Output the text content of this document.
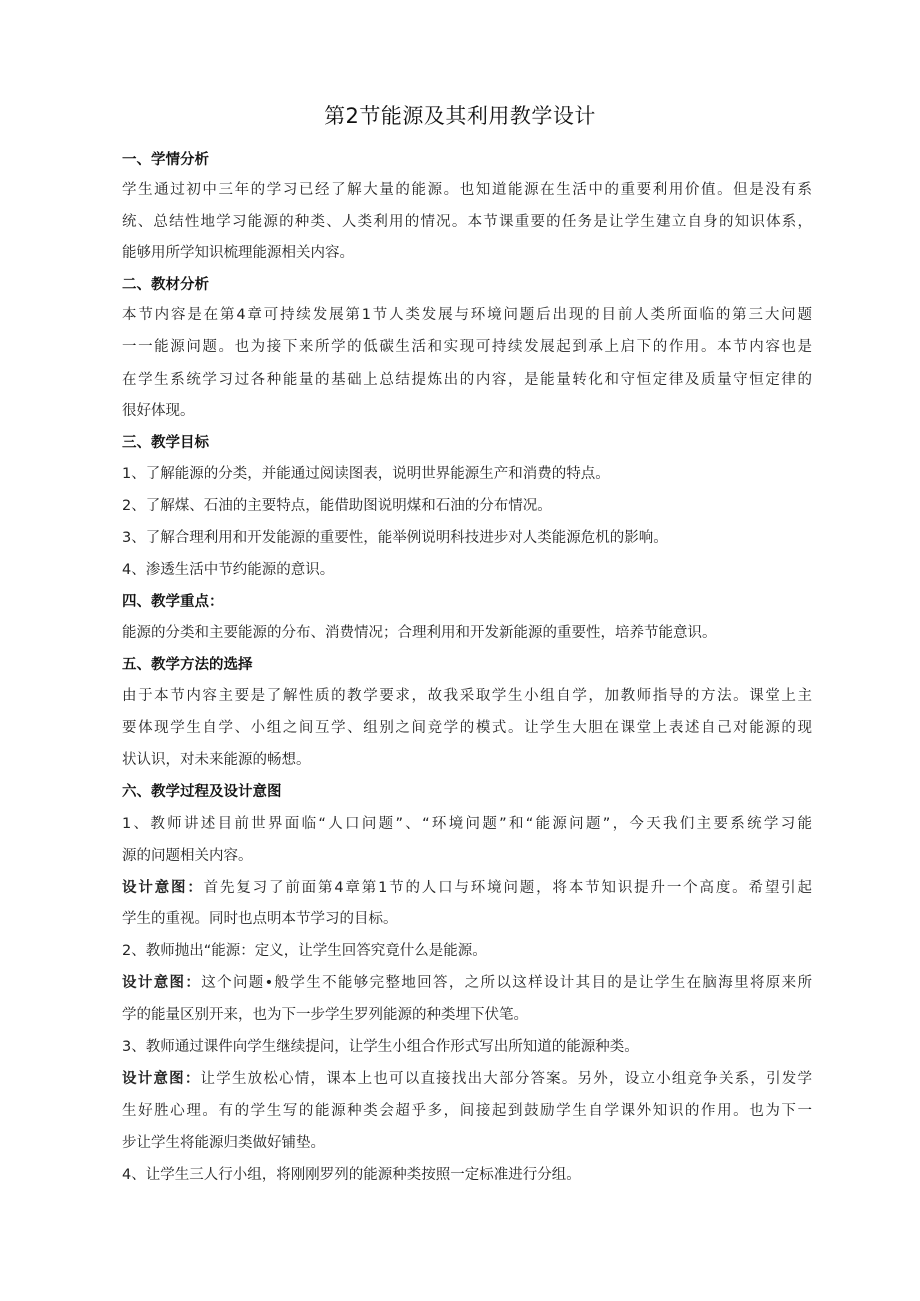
第2节能源及其利用教学设计
一、学情分析
学生通过初中三年的学习已经了解大量的能源。也知道能源在生活中的重要利用价值。但是没有系
统、总结性地学习能源的种类、人类利用的情况。本节课重要的任务是让学生建立自身的知识体系，
能够用所学知识梳理能源相关内容。
二、教材分析
本节内容是在第4章可持续发展第1节人类发展与环境问题后出现的目前人类所面临的第三大问题
一一能源问题。也为接下来所学的低碳生活和实现可持续发展起到承上启下的作用。本节内容也是
在学生系统学习过各种能量的基础上总结提炼出的内容，是能量转化和守恒定律及质量守恒定律的
很好体现。
三、教学目标
1、了解能源的分类，并能通过阅读图表，说明世界能源生产和消费的特点。
2、了解煤、石油的主要特点，能借助图说明煤和石油的分布情况。
3、了解合理利用和开发能源的重要性，能举例说明科技进步对人类能源危机的影响。
4、渗透生活中节约能源的意识。
四、教学重点：
能源的分类和主要能源的分布、消费情况；合理利用和开发新能源的重要性，培养节能意识。
五、教学方法的选择
由于本节内容主要是了解性质的教学要求，故我采取学生小组自学，加教师指导的方法。课堂上主
要体现学生自学、小组之间互学、组别之间竞学的模式。让学生大胆在课堂上表述自己对能源的现
状认识，对未来能源的畅想。
六、教学过程及设计意图
1、教师讲述目前世界面临“人口问题”、“环境问题”和“能源问题”，今天我们主要系统学习能
源的问题相关内容。
设计意图：首先复习了前面第4章第1节的人口与环境问题，将本节知识提升一个高度。希望引起
学生的重视。同时也点明本节学习的目标。
2、教师抛出“能源：定义，让学生回答究竟什么是能源。
设计意图：这个问题•般学生不能够完整地回答，之所以这样设计其目的是让学生在脑海里将原来所
学的能量区别开来，也为下一步学生罗列能源的种类埋下伏笔。
3、教师通过课件向学生继续提问，让学生小组合作形式写出所知道的能源种类。
设计意图：让学生放松心情，课本上也可以直接找出大部分答案。另外，设立小组竞争关系，引发学
生好胜心理。有的学生写的能源种类会超乎多，间接起到鼓励学生自学课外知识的作用。也为下一
步让学生将能源归类做好铺垫。
4、让学生三人行小组，将刚刚罗列的能源种类按照一定标准进行分组。
